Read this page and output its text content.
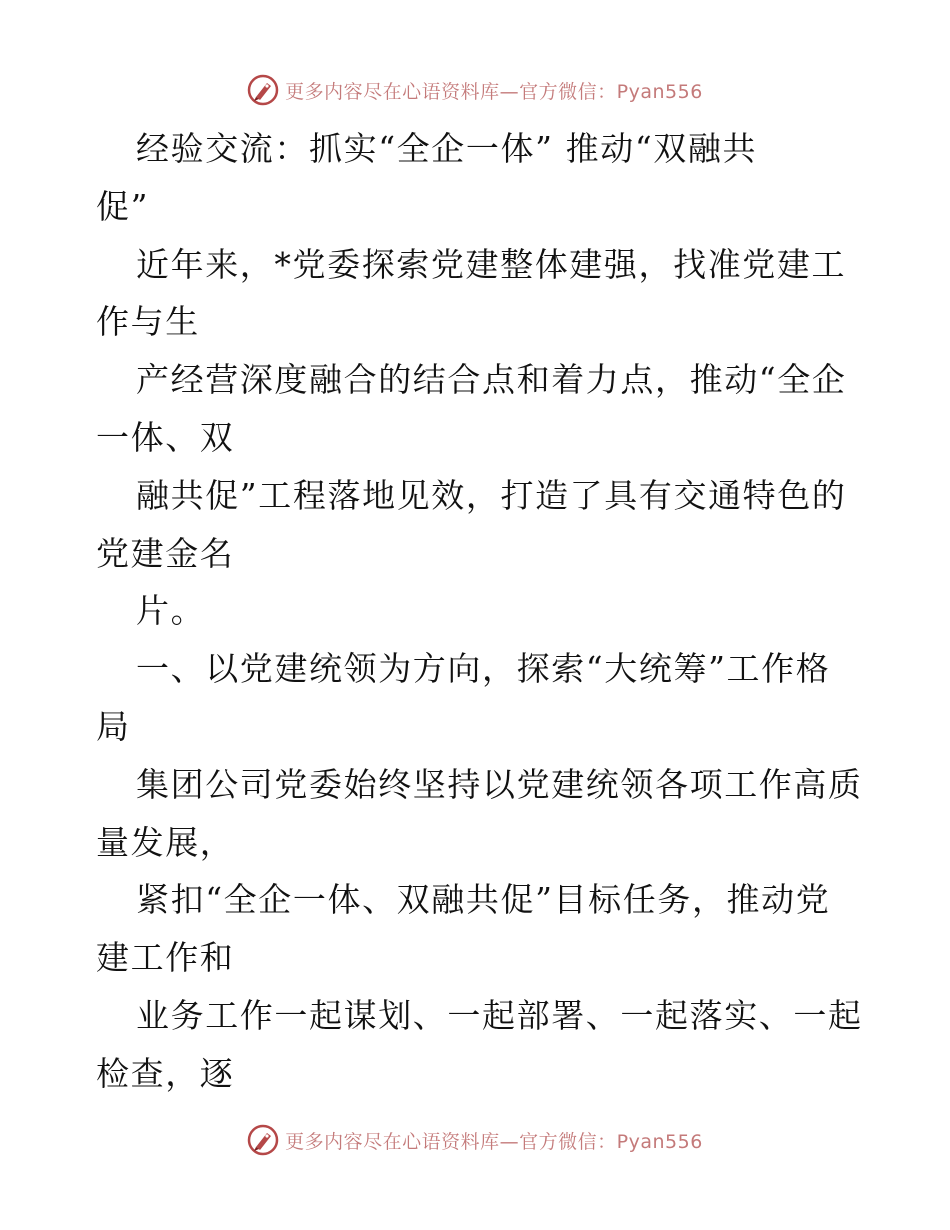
更多内容尽在心语资料库—官方微信：Pyan556
经验交流：抓实“全企一体” 推动“双融共
促”
近年来，*党委探索党建整体建强，找准党建工
作与生
产经营深度融合的结合点和着力点，推动“全企
一体、双
融共促”工程落地见效，打造了具有交通特色的
党建金名
片。
一、以党建统领为方向，探索“大统筹”工作格
局
集团公司党委始终坚持以党建统领各项工作高质
量发展，
紧扣“全企一体、双融共促”目标任务，推动党
建工作和
业务工作一起谋划、一起部署、一起落实、一起
检查，逐
更多内容尽在心语资料库—官方微信：Pyan556
